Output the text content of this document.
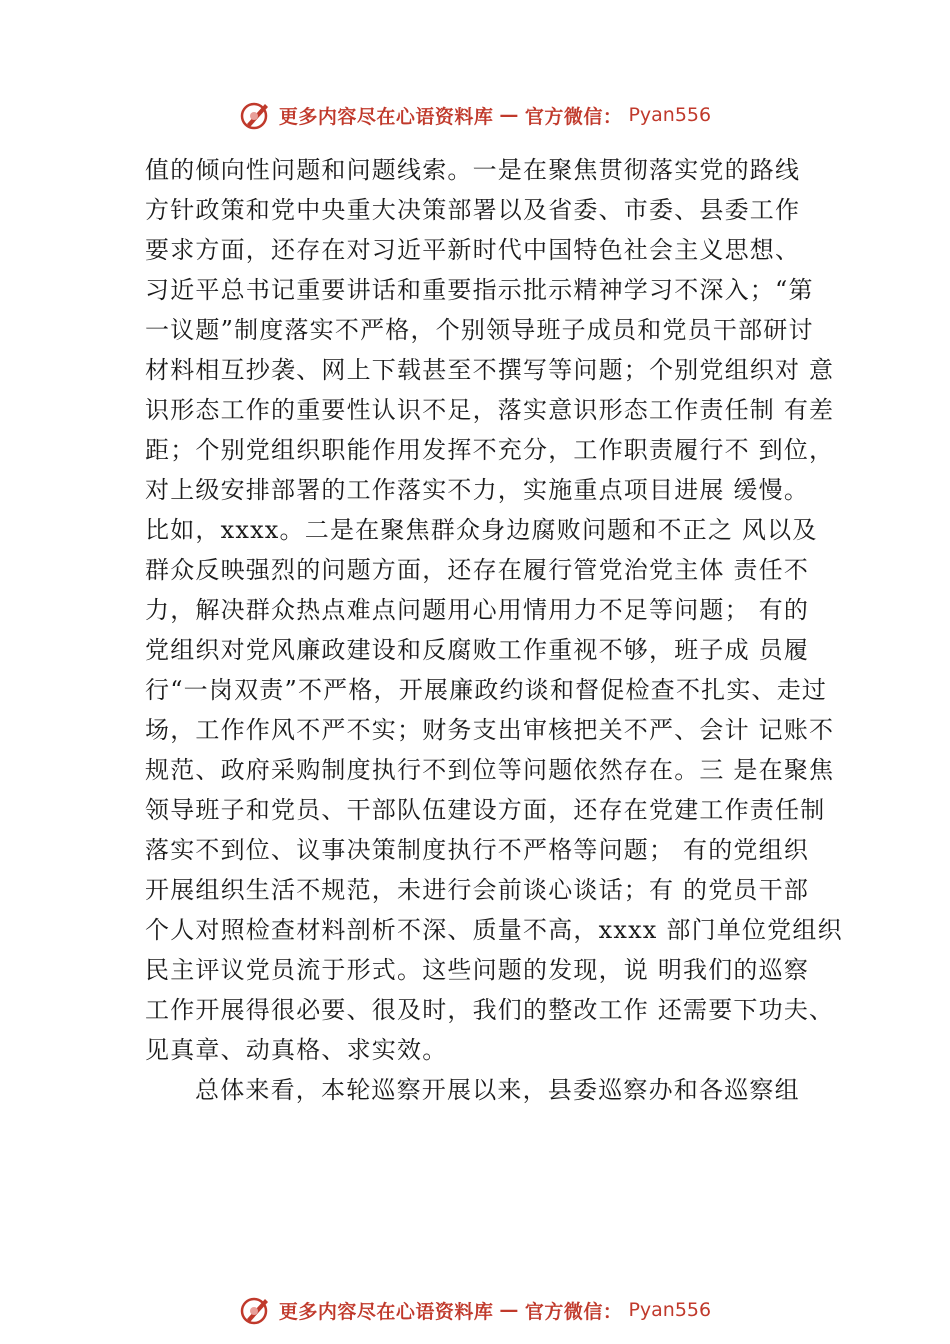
更多内容尽在心语资料库 — 官方微信： Pyan556
值的倾向性问题和问题线索。一是在聚焦贯彻落实党的路线
方针政策和党中央重大决策部署以及省委、市委、县委工作
要求方面，还存在对习近平新时代中国特色社会主义思想、
习近平总书记重要讲话和重要指示批示精神学习不深入；“第
一议题”制度落实不严格，个别领导班子成员和党员干部研讨
材料相互抄袭、网上下载甚至不撰写等问题；个别党组织对 意
识形态工作的重要性认识不足，落实意识形态工作责任制 有差
距；个别党组织职能作用发挥不充分，工作职责履行不 到位，
对上级安排部署的工作落实不力，实施重点项目进展 缓慢。
比如，xxxx。二是在聚焦群众身边腐败问题和不正之 风以及
群众反映强烈的问题方面，还存在履行管党治党主体 责任不
力，解决群众热点难点问题用心用情用力不足等问题； 有的
党组织对党风廉政建设和反腐败工作重视不够，班子成 员履
行“一岗双责”不严格，开展廉政约谈和督促检查不扎实、走过
场，工作作风不严不实；财务支出审核把关不严、会计 记账不
规范、政府采购制度执行不到位等问题依然存在。三 是在聚焦
领导班子和党员、干部队伍建设方面，还存在党建工作责任制
落实不到位、议事决策制度执行不严格等问题； 有的党组织
开展组织生活不规范，未进行会前谈心谈话；有 的党员干部
个人对照检查材料剖析不深、质量不高，xxxx 部门单位党组织
民主评议党员流于形式。这些问题的发现，说 明我们的巡察
工作开展得很必要、很及时，我们的整改工作 还需要下功夫、
见真章、动真格、求实效。
总体来看，本轮巡察开展以来，县委巡察办和各巡察组
更多内容尽在心语资料库 — 官方微信： Pyan556
